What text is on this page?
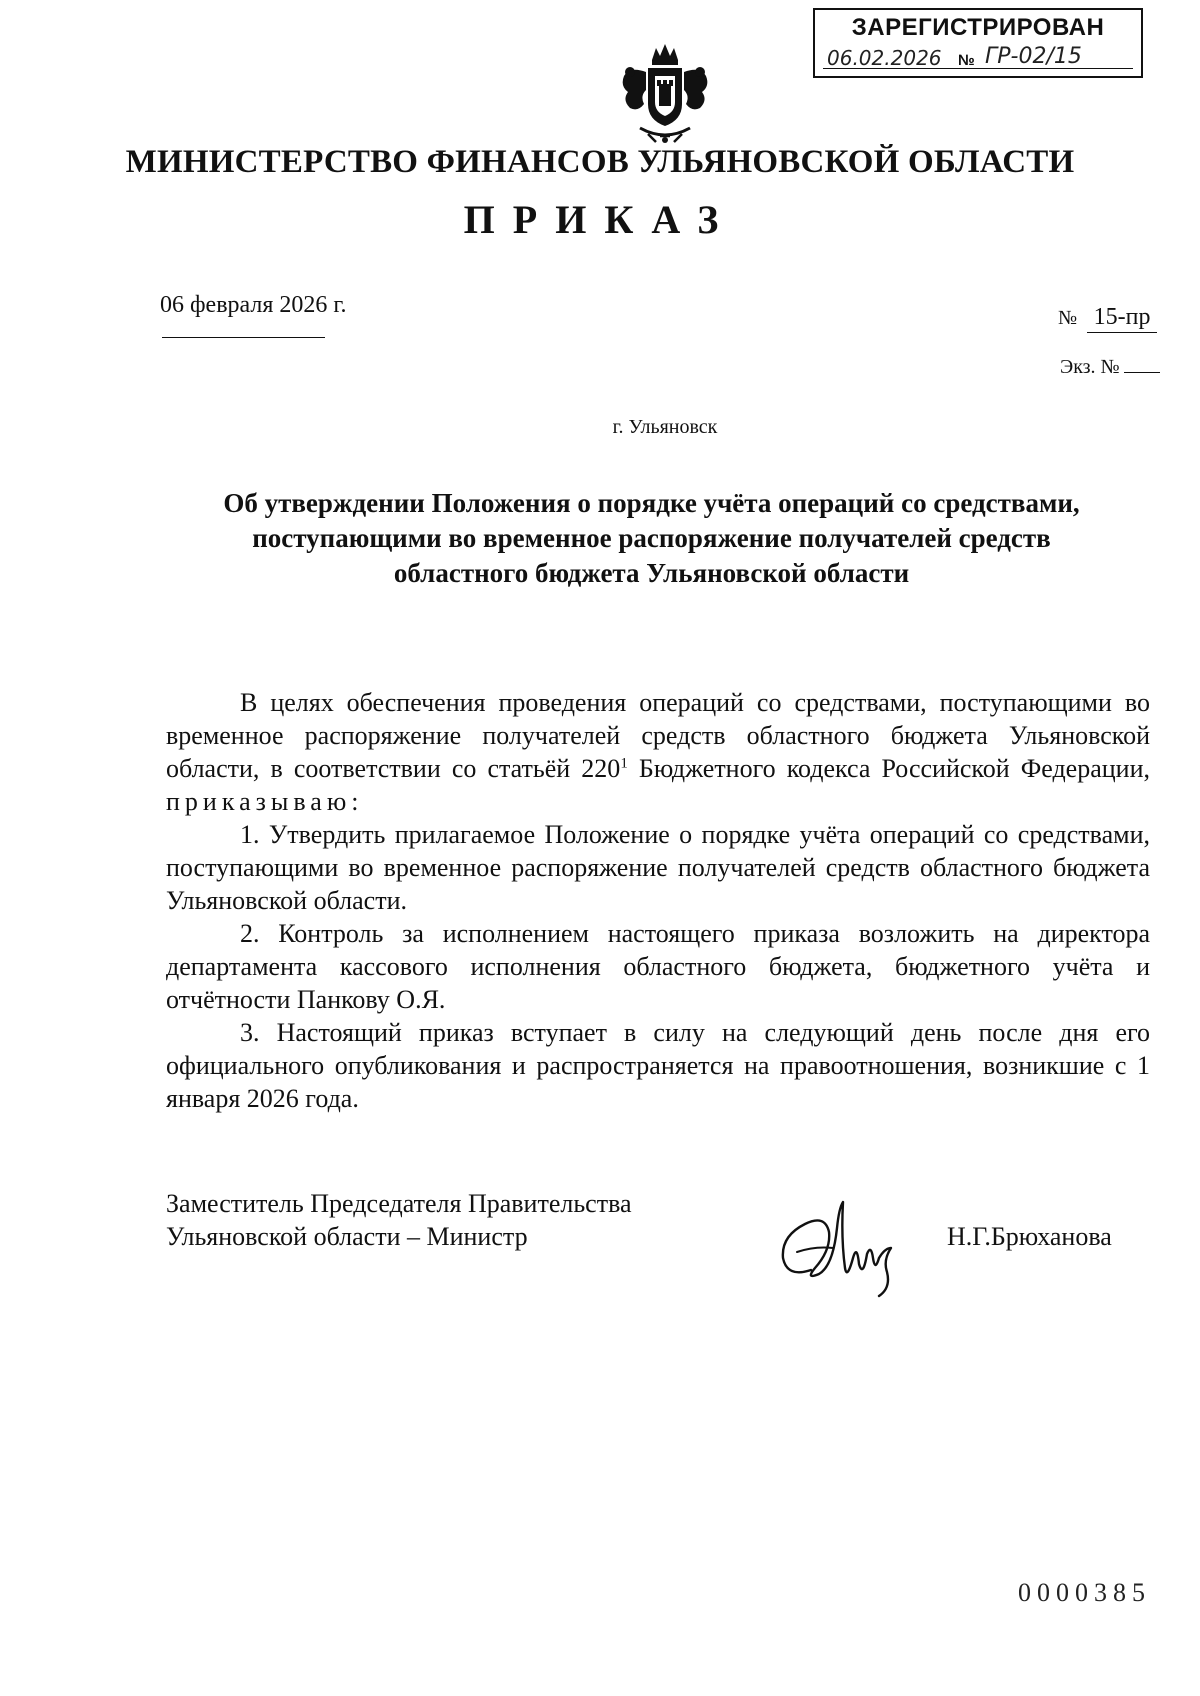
ЗАРЕГИСТРИРОВАН
06.02.2026 № ГР-02/15
МИНИСТЕРСТВО ФИНАНСОВ УЛЬЯНОВСКОЙ ОБЛАСТИ
ПРИКАЗ
06 февраля 2026 г.	№ 15-пр
Экз. №
г. Ульяновск
Об утверждении Положения о порядке учёта операций со средствами,
поступающими во временное распоряжение получателей средств
областного бюджета Ульяновской области

В целях обеспечения проведения операций со средствами, поступающими во временное распоряжение получателей средств областного бюджета Ульяновской области, в соответствии со статьёй $220^1$ Бюджетного кодекса Российской Федерации, приказываю:

1. Утвердить прилагаемое Положение о порядке учёта операций со средствами, поступающими во временное распоряжение получателей средств областного бюджета Ульяновской области.

2. Контроль за исполнением настоящего приказа возложить на директора департамента кассового исполнения областного бюджета, бюджетного учёта и отчётности Панкову О.Я.

3. Настоящий приказ вступает в силу на следующий день после дня его официального опубликования и распространяется на правоотношения, возникшие с 1 января 2026 года.

Заместитель Председателя Правительства
Ульяновской области – Министр	Н.Г.Брюханова
0000385
